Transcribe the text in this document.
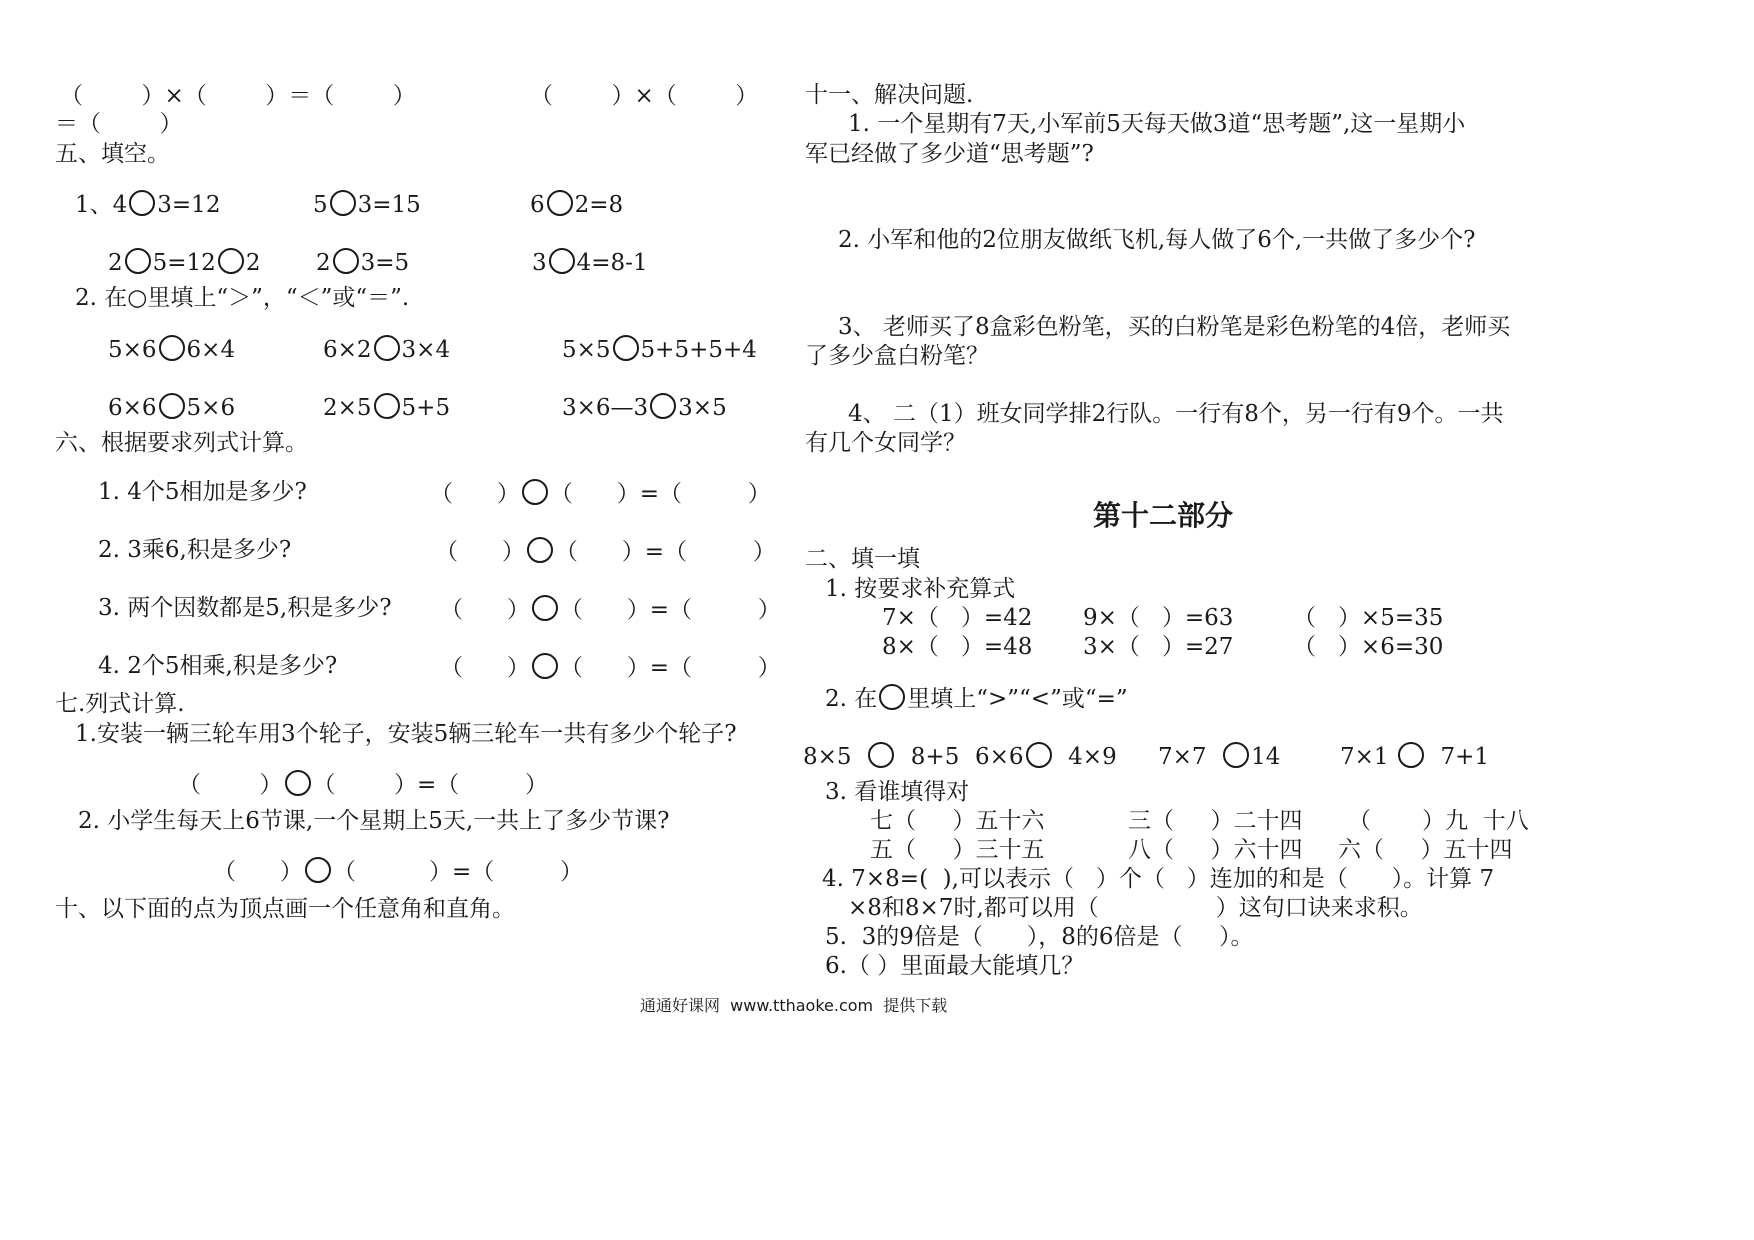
（        ）×（        ）＝（        ）	（        ）×（        ）
＝（        ）
五、填空。
1、4 3=12	5 3=15	6 2=8
2 5=12 2 2 3=5	3 4=8-1
2. 在○里填上“＞”，“＜”或“＝”.
5×6 6×4	6×2 3×4	5×5 5+5+5+4
6×6 5×6	2×5 5+5	3×6—3 3×5
六、根据要求列式计算。
1. 4个5相加是多少?	（      ） （      ）=（         ）
2. 3乘6,积是多少?	（      ） （      ）=（         ）
3. 两个因数都是5,积是多少? （      ） （      ）=（         ）
4. 2个5相乘,积是多少?	（      ） （      ）=（         ）
七.列式计算.
1.安装一辆三轮车用3个轮子，安装5辆三轮车一共有多少个轮子?
（        ） （        ）=（         ）
2. 小学生每天上6节课,一个星期上5天,一共上了多少节课?
（      ） （          ）=（         ）
十、以下面的点为顶点画一个任意角和直角。
十一、解决问题.
1. 一个星期有7天,小军前5天每天做3道“思考题”,这一星期小
军已经做了多少道“思考题”?
2. 小军和他的2位朋友做纸飞机,每人做了6个,一共做了多少个?
3、 老师买了8盒彩色粉笔，买的白粉笔是彩色粉笔的4倍，老师买
了多少盒白粉笔？
4、 二（1）班女同学排2行队。一行有8个，另一行有9个。一共
有几个女同学？
第十二部分
二、填一填
1. 按要求补充算式
7×（   ）=42 9×（   ）=63	（   ）×5=35
8×（   ）=48 3×（   ）=27	（   ）×6=30
2. 在 里填上“>”“<”或“=”
8×5	8+5 6×6 4×9 7×7 14	7×1 7+1
3. 看谁填得对
七（     ）五十六	三（     ）二十四 （       ）九  十八
五（     ）三十五	八（     ）六十四 六（     ）五十四
4. 7×8=(  ),可以表示（   ）个（   ）连加的和是（      ）。计算 7
×8和8×7时,都可以用（                ）这句口诀来求积。
5.  3的9倍是（      ），8的6倍是（     ）。
6.（ ）里面最大能填几？
通通好课网  www.tthaoke.com  提供下载
